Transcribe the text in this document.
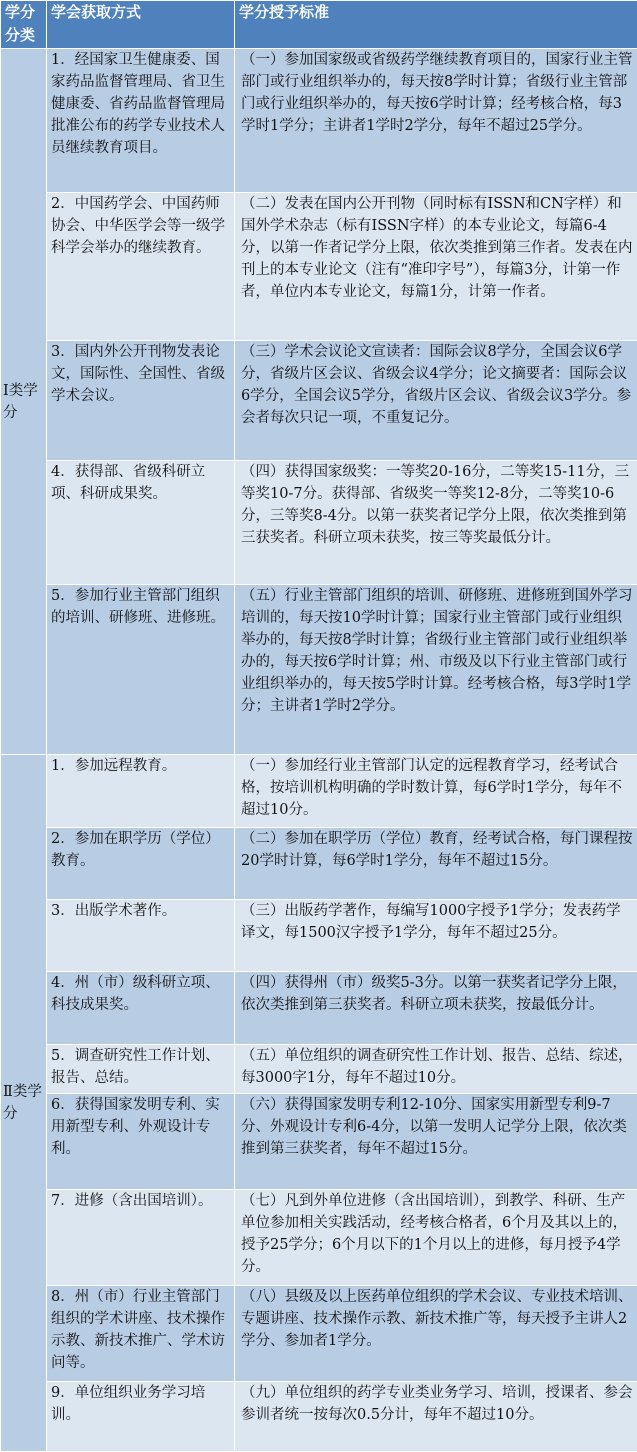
学分分类	学会获取方式	学分授予标准
Ⅰ类学分	1．经国家卫生健康委、国家药品监督管理局、省卫生健康委、省药品监督管理局批准公布的药学专业技术人员继续教育项目。	（一）参加国家级或省级药学继续教育项目的，国家行业主管部门或行业组织举办的，每天按8学时计算；省级行业主管部门或行业组织举办的，每天按6学时计算；经考核合格，每3学时1学分；主讲者1学时2学分，每年不超过25学分。
	2．中国药学会、中国药师协会、中华医学会等一级学科学会举办的继续教育。	（二）发表在国内公开刊物（同时标有ISSN和CN字样）和国外学术杂志（标有ISSN字样）的本专业论文，每篇6-4分，以第一作者记学分上限，依次类推到第三作者。发表在内刊上的本专业论文（注有“准印字号”），每篇3分，计第一作者，单位内本专业论文，每篇1分，计第一作者。
	3．国内外公开刊物发表论文，国际性、全国性、省级学术会议。	（三）学术会议论文宣读者：国际会议8学分，全国会议6学分，省级片区会议、省级会议4学分；论文摘要者：国际会议6学分，全国会议5学分，省级片区会议、省级会议3学分。参会者每次只记一项，不重复记分。
	4．获得部、省级科研立项、科研成果奖。	（四）获得国家级奖：一等奖20-16分，二等奖15-11分，三等奖10-7分。获得部、省级奖一等奖12-8分，二等奖10-6分，三等奖8-4分。以第一获奖者记学分上限，依次类推到第三获奖者。科研立项未获奖，按三等奖最低分计。
	5．参加行业主管部门组织的培训、研修班、进修班。	（五）行业主管部门组织的培训、研修班、进修班到国外学习培训的，每天按10学时计算；国家行业主管部门或行业组织举办的，每天按8学时计算；省级行业主管部门或行业组织举办的，每天按6学时计算；州、市级及以下行业主管部门或行业组织举办的，每天按5学时计算。经考核合格，每3学时1学分；主讲者1学时2学分。
Ⅱ类学分	1．参加远程教育。	（一）参加经行业主管部门认定的远程教育学习，经考试合格，按培训机构明确的学时数计算，每6学时1学分，每年不超过10分。
	2．参加在职学历（学位）教育。	（二）参加在职学历（学位）教育，经考试合格，每门课程按20学时计算，每6学时1学分，每年不超过15分。
	3．出版学术著作。	（三）出版药学著作，每编写1000字授予1学分；发表药学译文，每1500汉字授予1学分，每年不超过25分。
	4．州（市）级科研立项、科技成果奖。	（四）获得州（市）级奖5-3分。以第一获奖者记学分上限，依次类推到第三获奖者。科研立项未获奖，按最低分计。
	5．调查研究性工作计划、报告、总结。	（五）单位组织的调查研究性工作计划、报告、总结、综述，每3000字1分，每年不超过10分。
	6．获得国家发明专利、实用新型专利、外观设计专利。	（六）获得国家发明专利12-10分、国家实用新型专利9-7分、外观设计专利6-4分，以第一发明人记学分上限，依次类推到第三获奖者，每年不超过15分。
	7．进修（含出国培训）。	（七）凡到外单位进修（含出国培训），到教学、科研、生产单位参加相关实践活动，经考核合格者，6个月及其以上的，授予25学分；6个月以下的1个月以上的进修，每月授予4学分。
	8．州（市）行业主管部门组织的学术讲座、技术操作示教、新技术推广、学术访问等。	（八）县级及以上医药单位组织的学术会议、专业技术培训、专题讲座、技术操作示教、新技术推广等，每天授予主讲人2学分、参加者1学分。
	9．单位组织业务学习培训。	（九）单位组织的药学专业类业务学习、培训，授课者、参会参训者统一按每次0.5分计，每年不超过10分。
